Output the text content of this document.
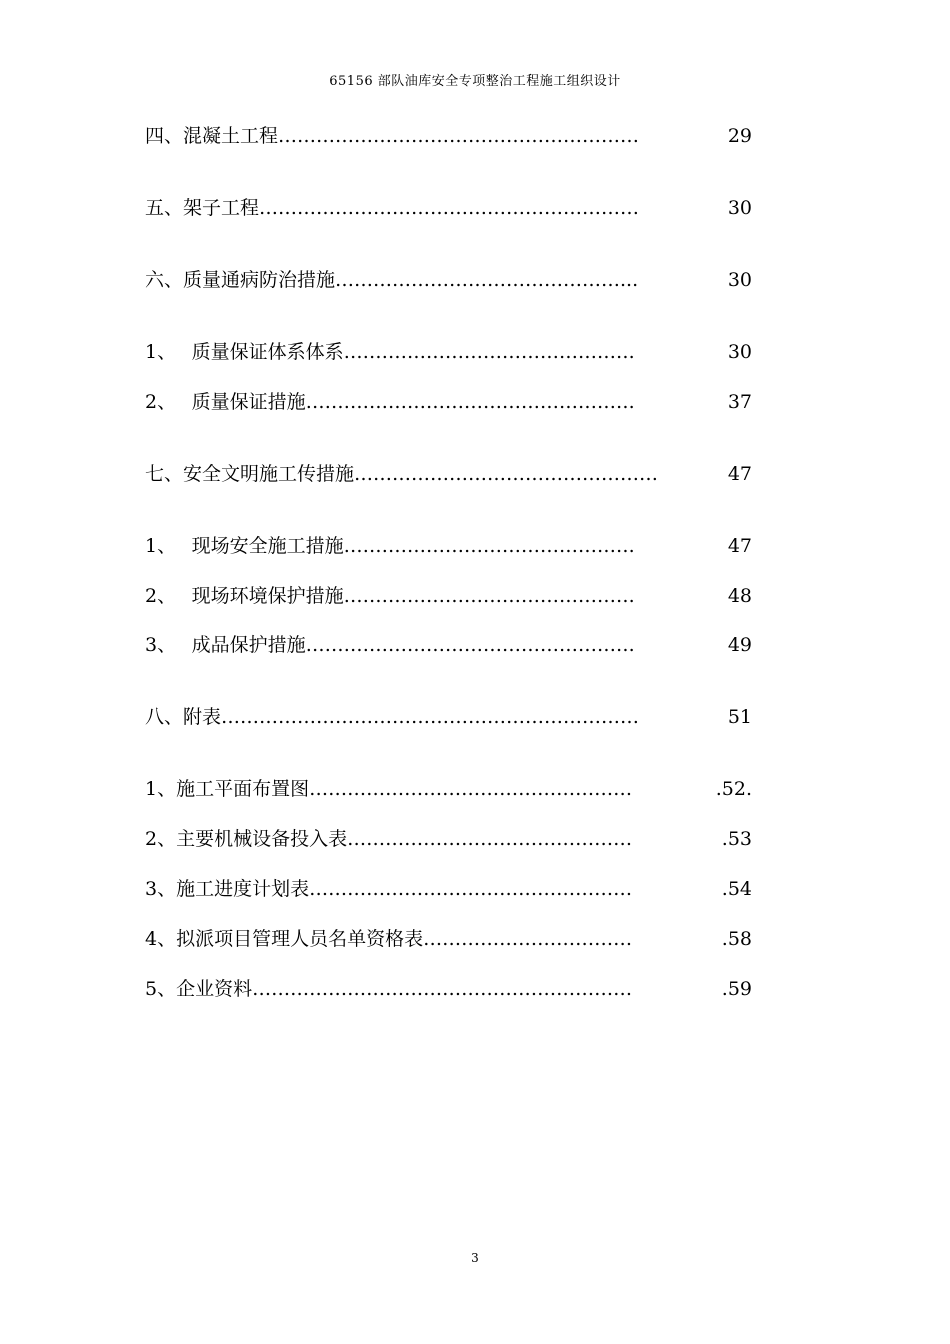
65156 部队油库安全专项整治工程施工组织设计
四、混凝土工程…………………………………………………	29
五、架子工程……………………………………………………	30
六、质量通病防治措施………………………………………...	30
1、　 质量保证体系体系……………………………………….	30
2、　 质量保证措施…………………………………………….	37
七、安全文明施工传措施…………………………………………	47
1、　 现场安全施工措施……………………………………….	47
2、　 现场环境保护措施……………………………………….	48
3、　 成品保护措施…………………………………………….	49
八、附表…………………………………………………………	51
1、施工平面布置图……………………………………………	.52.
2、主要机械设备投入表………………………………………	.53
3、施工进度计划表……………………………………………	.54
4、拟派项目管理人员名单资格表……………………………	.58
5、企业资料……………………………………………………	.59
3
